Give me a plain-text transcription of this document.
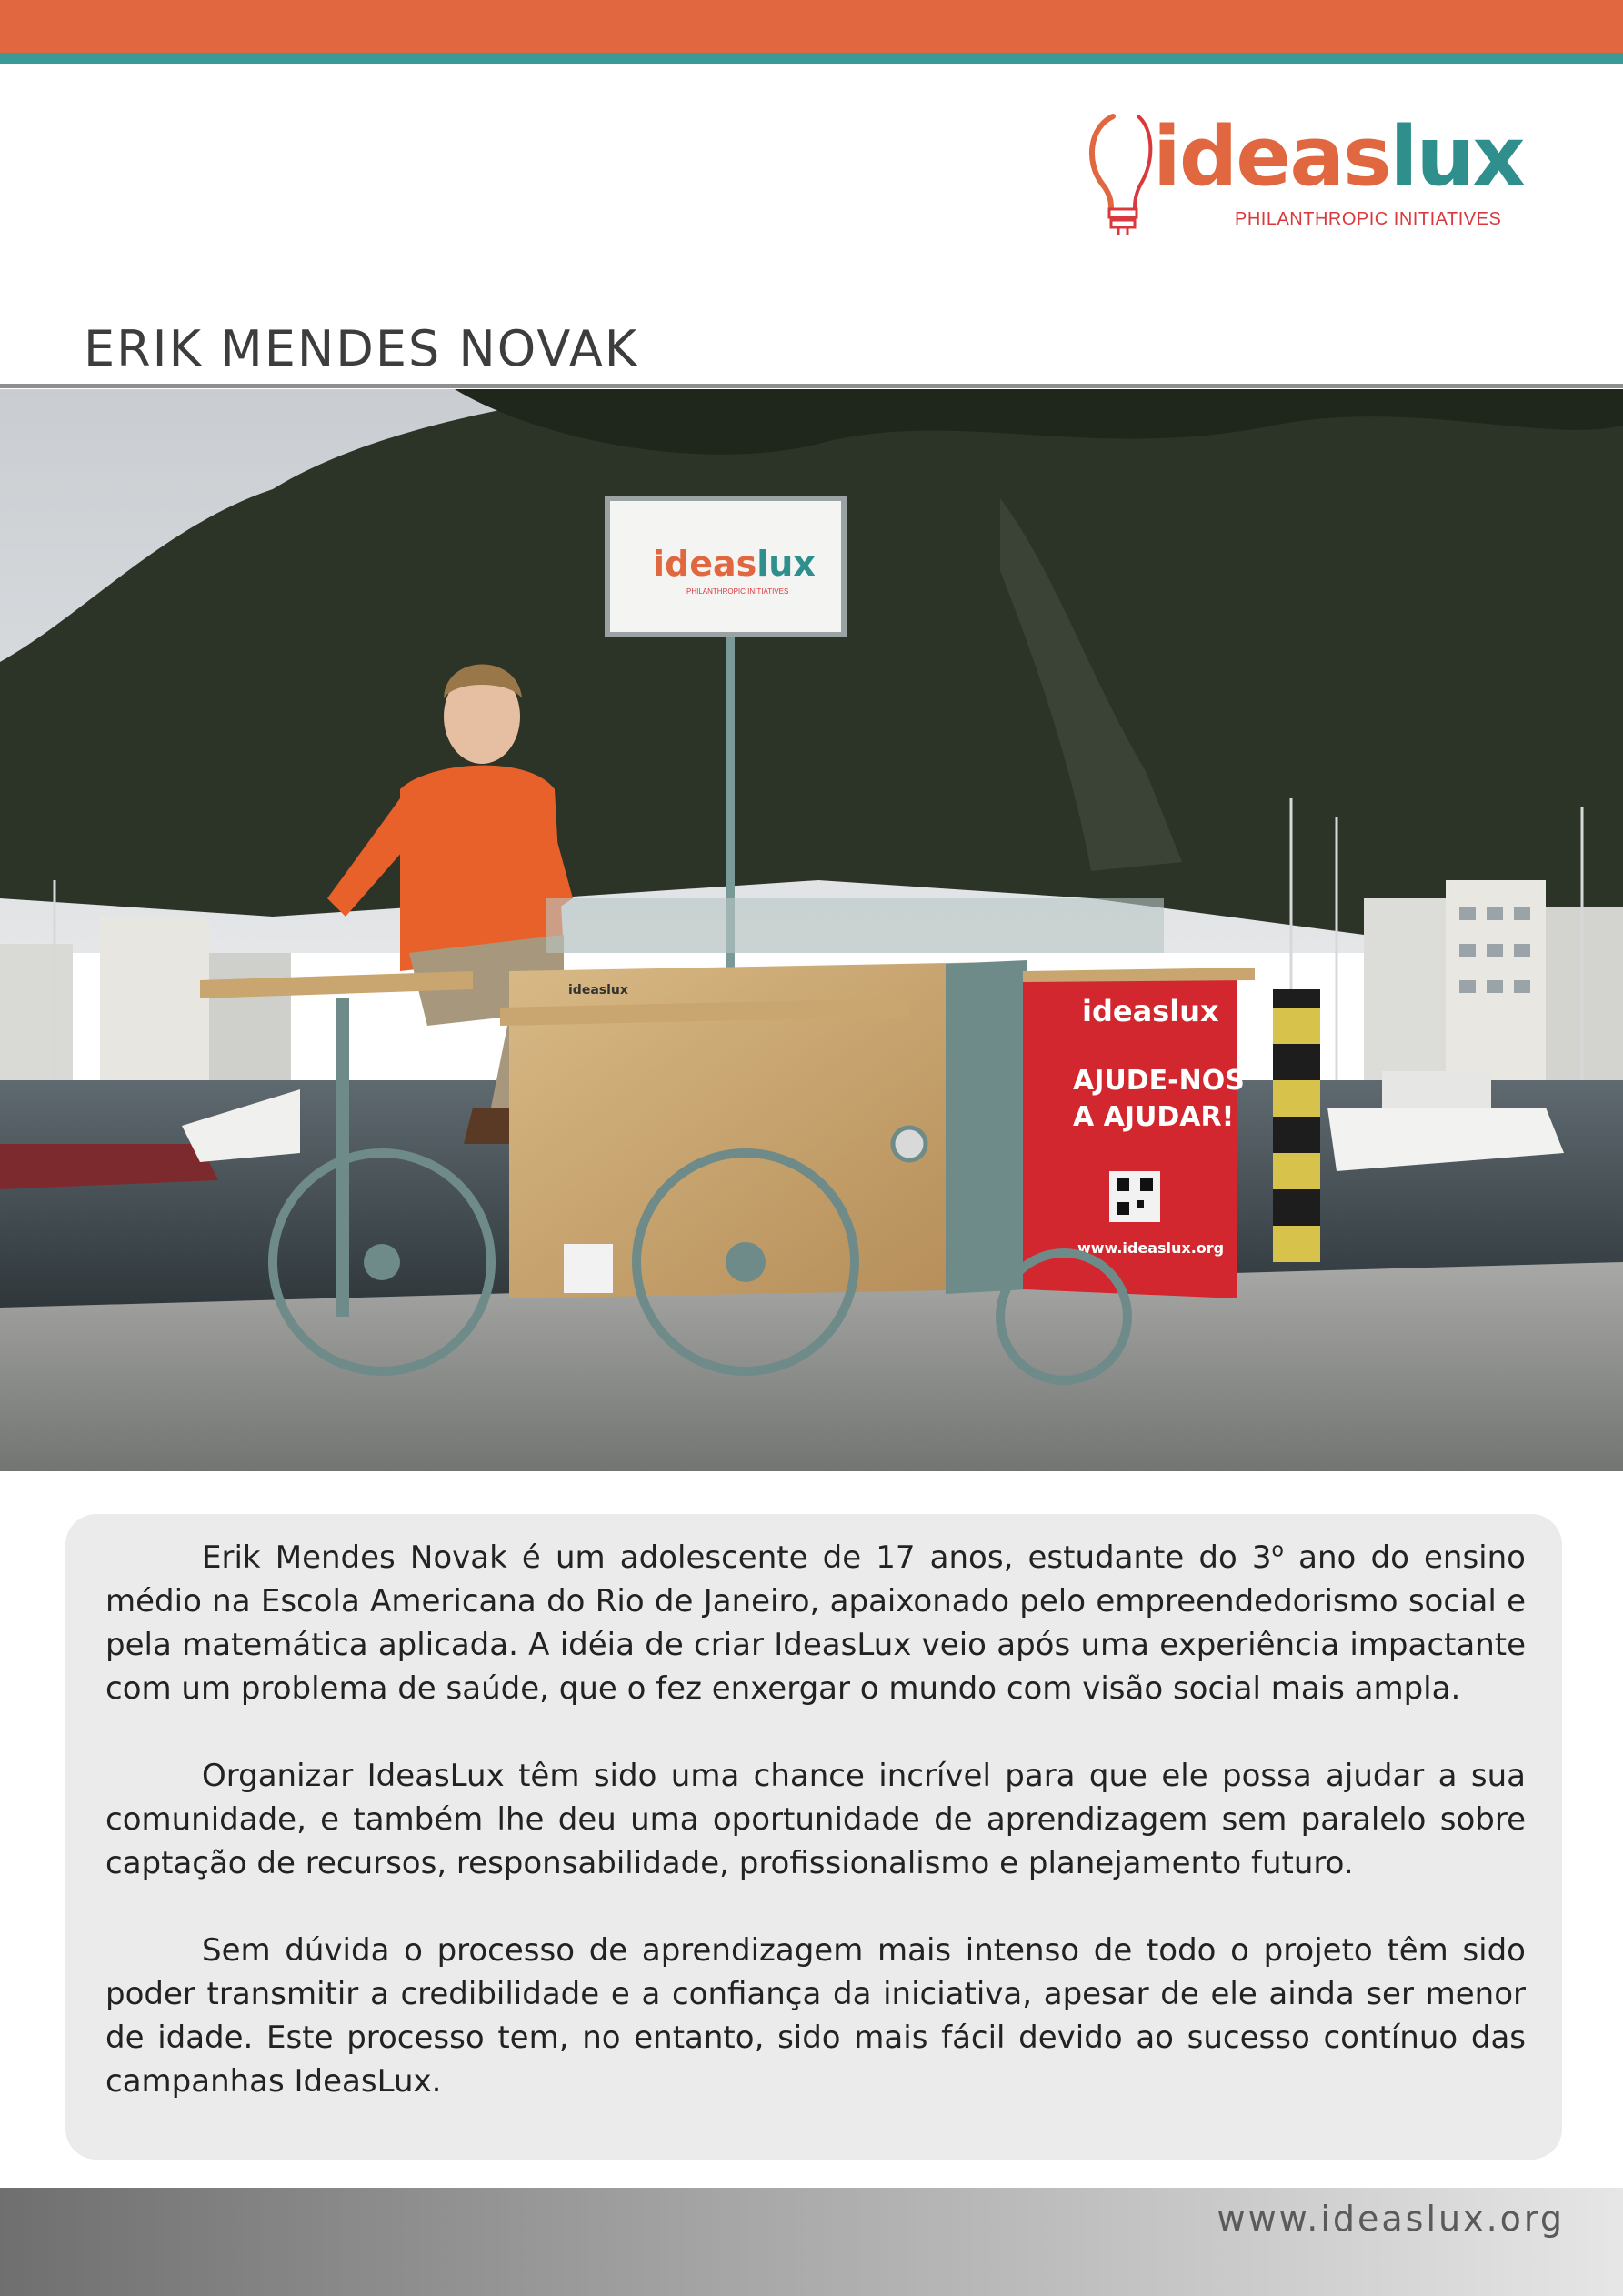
ideaslux
PHILANTHROPIC INITIATIVES
ERIK MENDES NOVAK
ideaslux
PHILANTHROPIC INITIATIVES
ideaslux
AJUDE-NOS
A AJUDAR!
www.ideaslux.org
ideaslux

Erik Mendes Novak é um adolescente de 17 anos, estudante do 3$^o$ ano do ensino médio na Escola Americana do Rio de Janeiro, apaixonado pelo empreendedorismo social e pela matemática aplicada. A idéia de criar IdeasLux veio após uma experiência impactante com um problema de saúde, que o fez enxergar o mundo com visão social mais ampla.

Organizar IdeasLux têm sido uma chance incrível para que ele possa ajudar a sua comunidade, e também lhe deu uma oportunidade de aprendizagem sem paralelo sobre captação de recursos, responsabilidade, profissionalismo e planejamento futuro.

Sem dúvida o processo de aprendizagem mais intenso de todo o projeto têm sido poder transmitir a credibilidade e a confiança da iniciativa, apesar de ele ainda ser menor de idade. Este processo tem, no entanto, sido mais fácil devido ao sucesso contínuo das campanhas IdeasLux.

www.ideaslux.org
